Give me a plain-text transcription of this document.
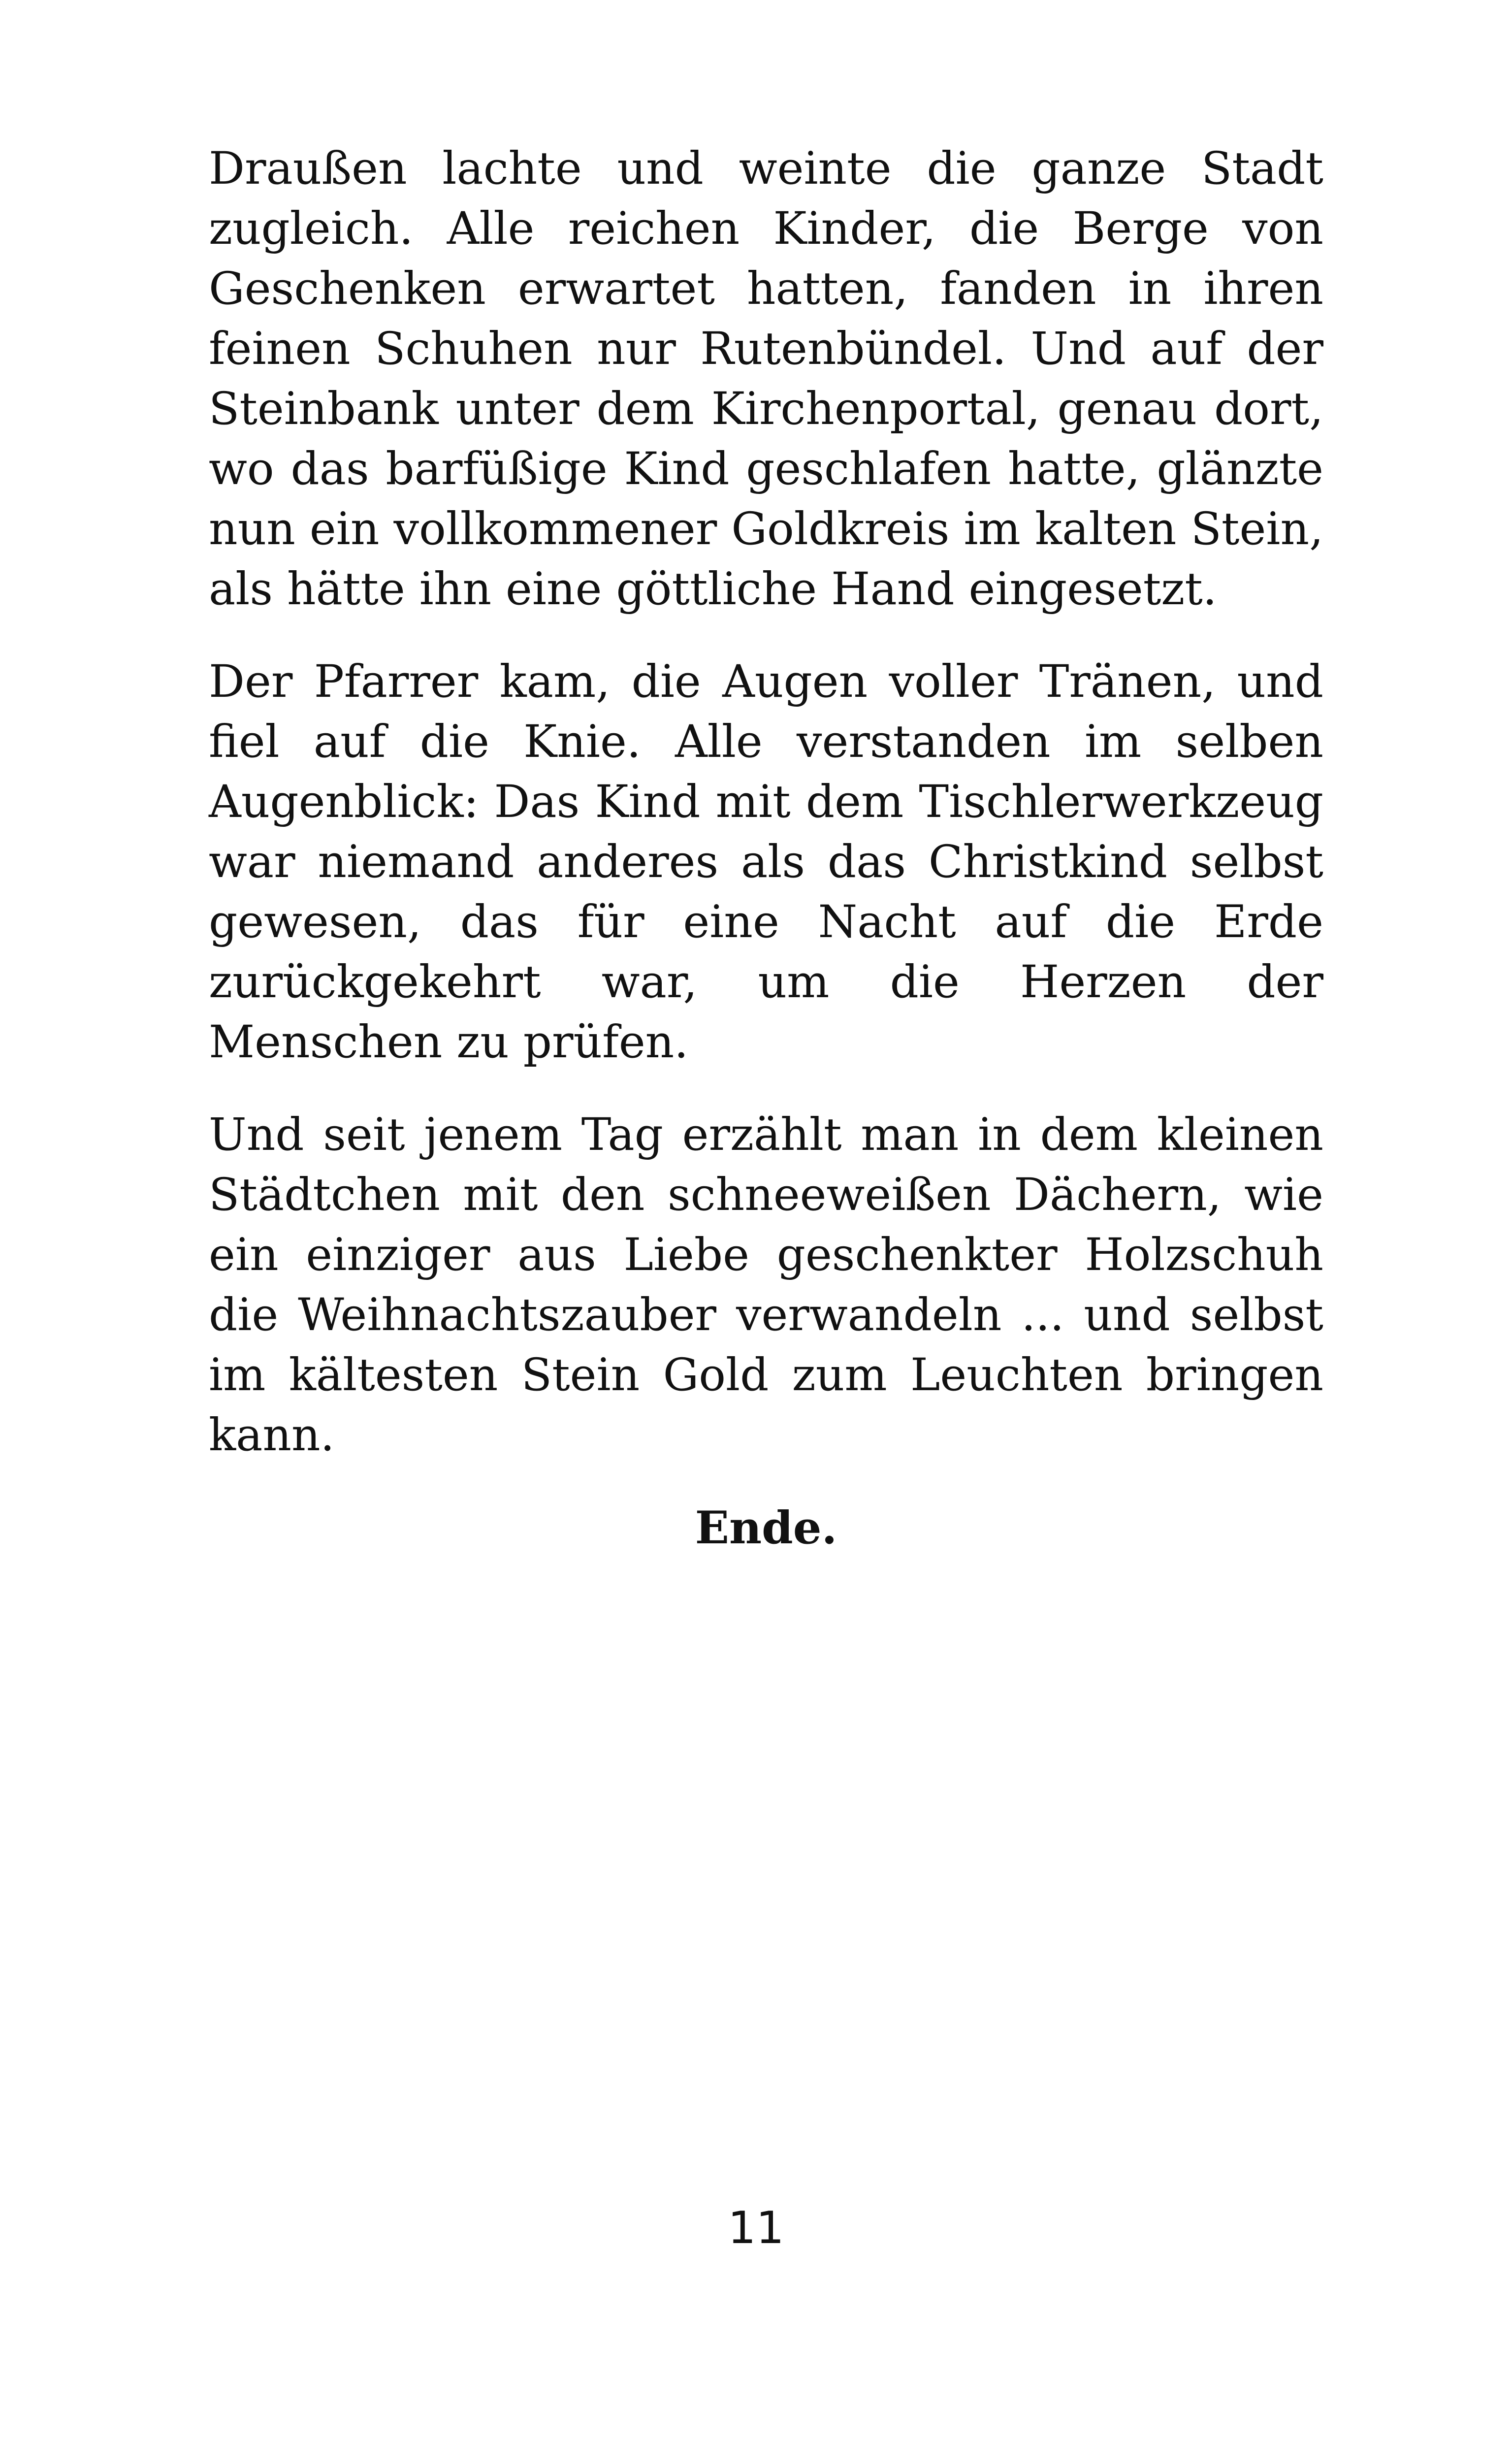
Draußen lachte und weinte die ganze Stadt zugleich. Alle reichen Kinder, die Berge von Geschenken erwartet hatten, fanden in ihren feinen Schuhen nur Rutenbündel. Und auf der Steinbank unter dem Kirchenportal, genau dort, wo das barfüßige Kind geschlafen hatte, glänzte nun ein vollkommener Goldkreis im kalten Stein, als hätte ihn eine göttliche Hand eingesetzt.

Der Pfarrer kam, die Augen voller Tränen, und fiel auf die Knie. Alle verstanden im selben Augenblick: Das Kind mit dem Tischlerwerkzeug war niemand anderes als das Christkind selbst gewesen, das für eine Nacht auf die Erde zurückgekehrt war, um die Herzen der Menschen zu prüfen.

Und seit jenem Tag erzählt man in dem kleinen Städtchen mit den schneeweißen Dächern, wie ein einziger aus Liebe geschenkter Holzschuh die Weihnachtszauber verwandeln ... und selbst im kältesten Stein Gold zum Leuchten bringen kann.

Ende.

11
